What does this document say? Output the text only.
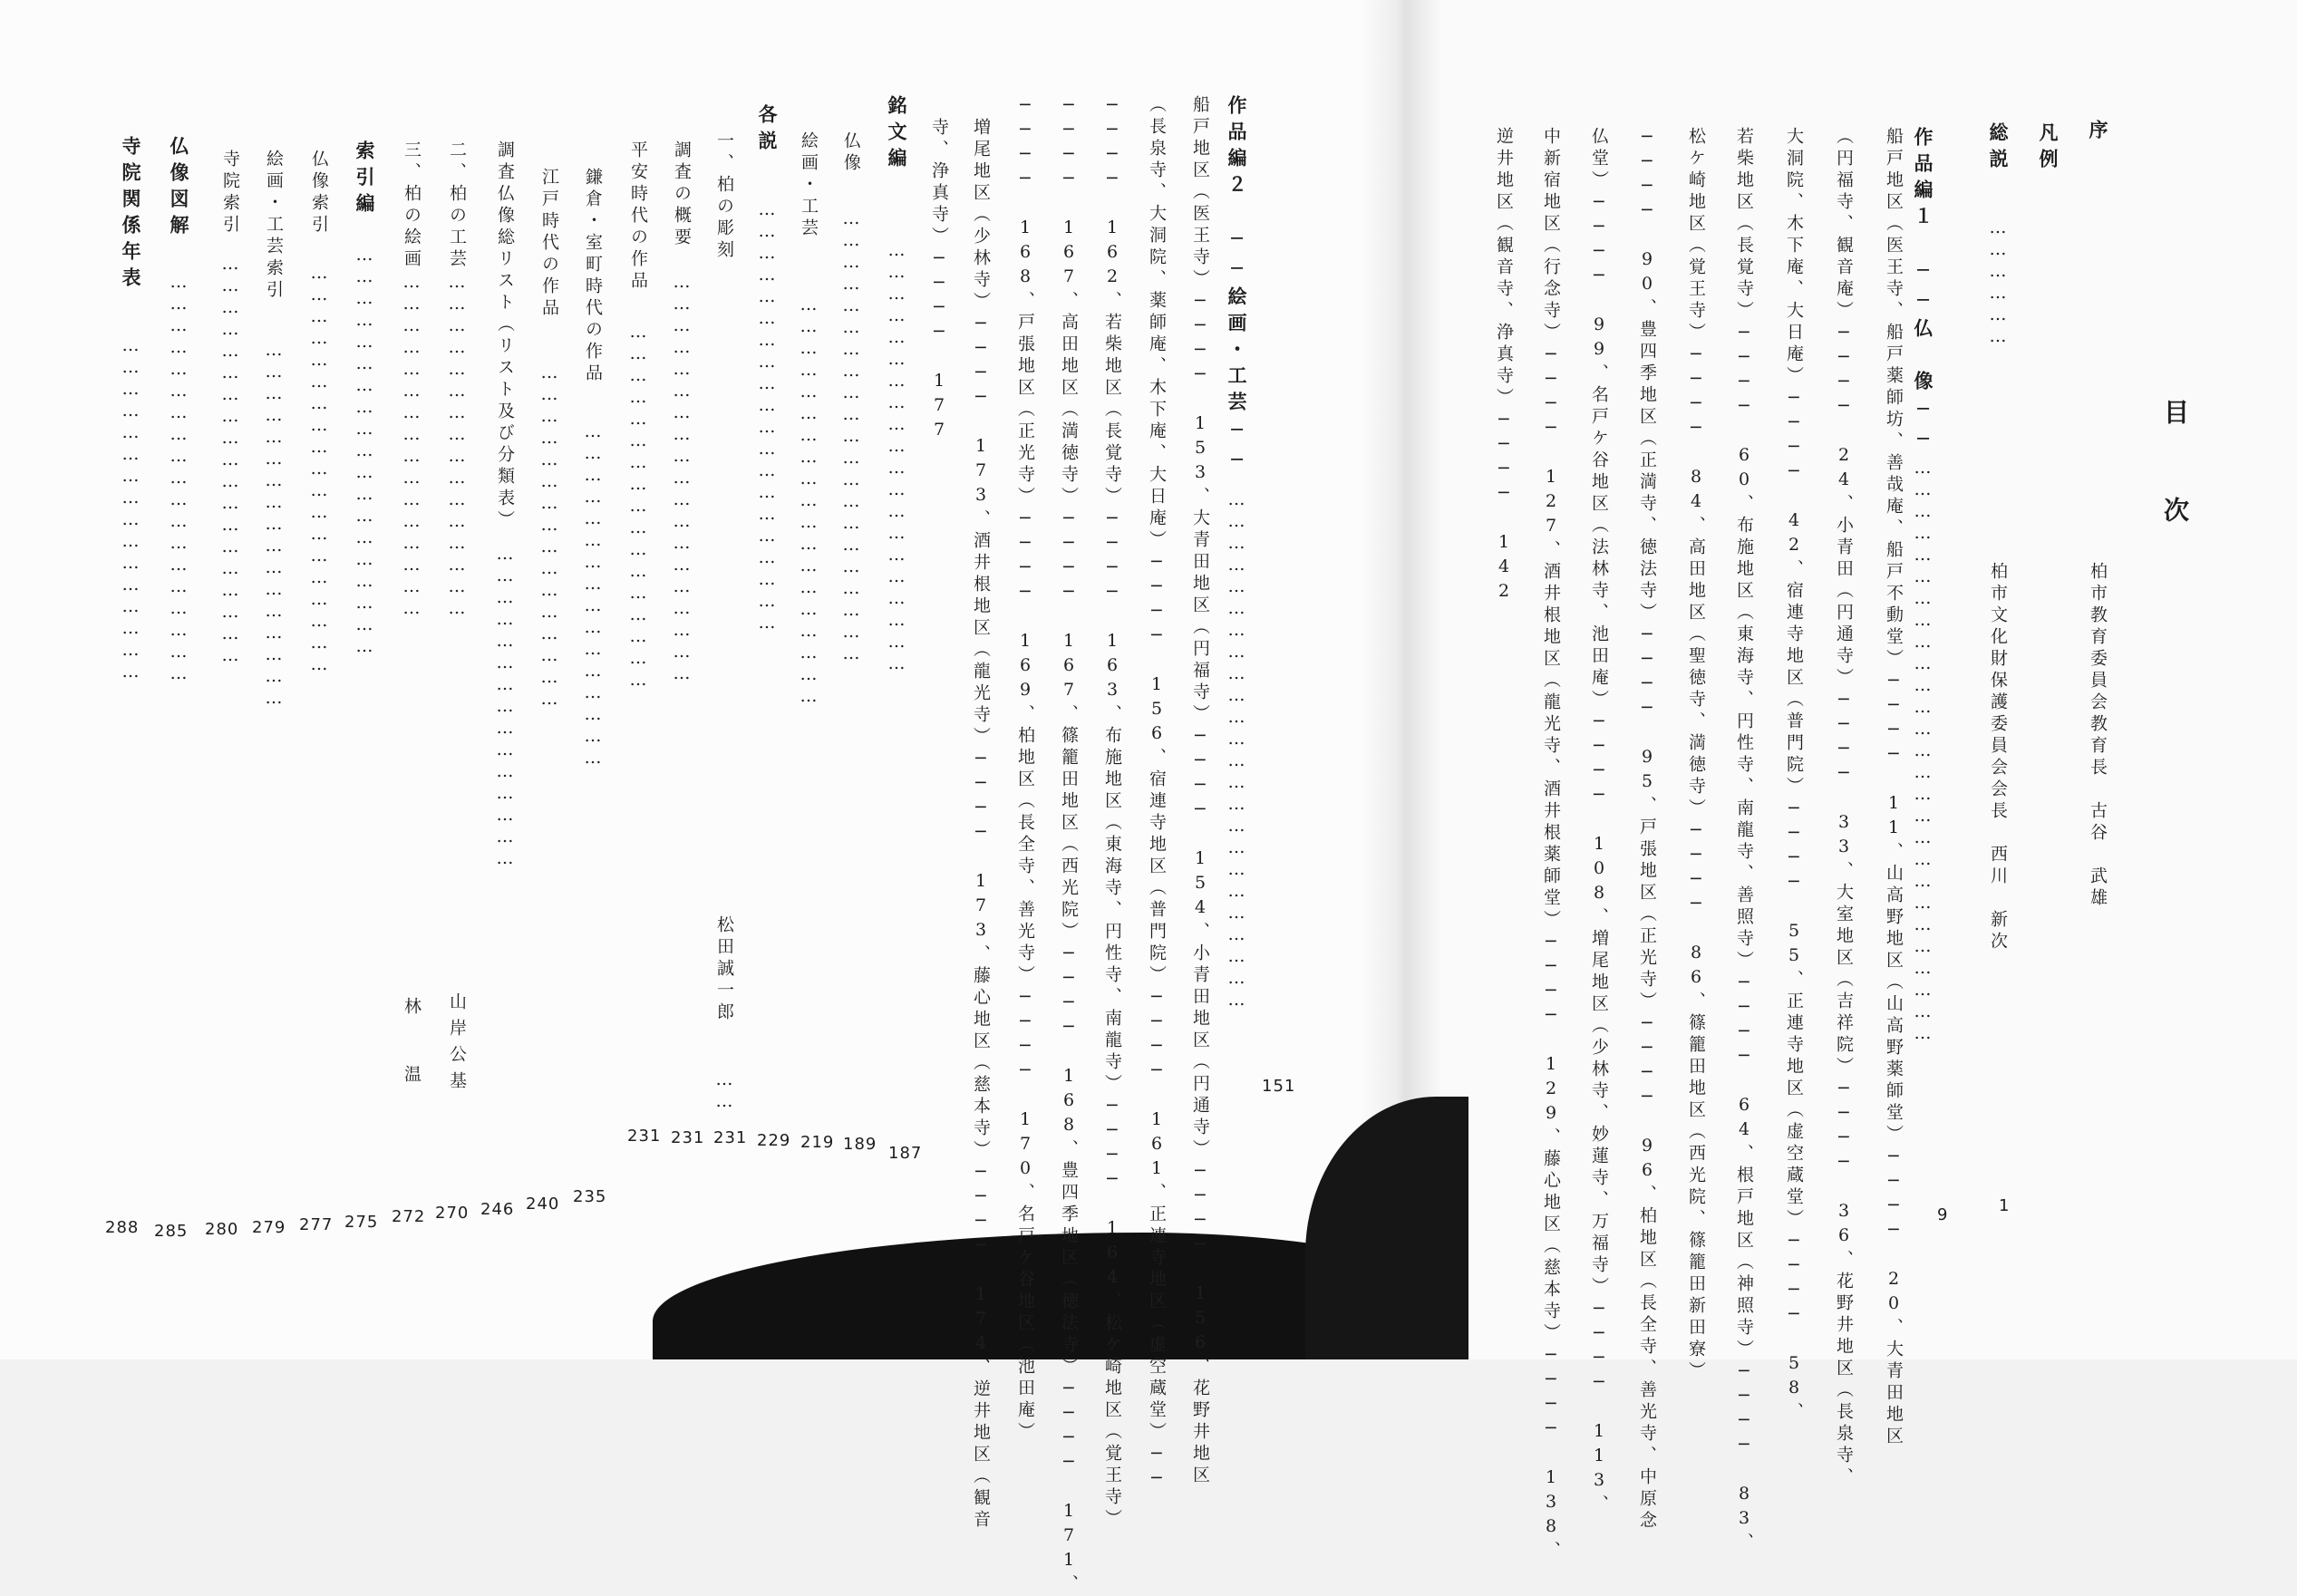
目次
序
柏市教育委員会教育長　古谷　武雄
凡例
総説
………………
柏市文化財保護委員会会長　西川　新次
1
作品編１　──仏　像──
………………………………………………………………………
9
船戸地区（医王寺、船戸薬師坊、善哉庵、船戸不動堂）──── 11、山高野地区（山高野薬師堂）──── 20、大青田地区
（円福寺、観音庵）──── 24、小青田（円通寺）──── 33、大室地区（吉祥院）──── 36、花野井地区（長泉寺、
大洞院、木下庵、大日庵）──── 42、宿連寺地区（普門院）──── 55、正連寺地区（虚空蔵堂）──── 58、
若柴地区（長覚寺）──── 60、布施地区（東海寺、円性寺、南龍寺、善照寺）──── 64、根戸地区（神照寺）──── 83、
松ケ崎地区（覚王寺）──── 84、高田地区（聖徳寺、満徳寺）──── 86、篠籠田地区（西光院、篠籠田新田寮）
──── 90、豊四季地区（正満寺、徳法寺）──── 95、戸張地区（正光寺）──── 96、柏地区（長全寺、善光寺、中原念
仏堂）──── 99、名戸ケ谷地区（法林寺、池田庵）──── 108、増尾地区（少林寺、妙蓮寺、万福寺）──── 113、
中新宿地区（行念寺）──── 127、酒井根地区（龍光寺、酒井根薬師堂）──── 129、藤心地区（慈本寺）──── 138、
逆井地区（観音寺、浄真寺）──── 142
作品編２　──絵画・工芸──
………………………………………………………………
151
船戸地区（医王寺）──── 153、大青田地区（円福寺）──── 154、小青田地区（円通寺）──── 156、花野井地区
（長泉寺、大洞院、薬師庵、木下庵、大日庵）──── 156、宿連寺地区（普門院）──── 161、正連寺地区（虚空蔵堂）──
──── 162、若柴地区（長覚寺）──── 163、布施地区（東海寺、円性寺、南龍寺）──── 164、松ケ崎地区（覚王寺）
──── 167、高田地区（満徳寺）──── 167、篠籠田地区（西光院）──── 168、豊四季地区（徳法寺）──── 171、
──── 168、戸張地区（正光寺）──── 169、柏地区（長全寺、善光寺）──── 170、名戸ケ谷地区（池田庵）
増尾地区（少林寺）──── 173、酒井根地区（龍光寺）──── 173、藤心地区（慈本寺）──── 174、逆井地区（観音
寺、浄真寺）──── 177
銘文編
……………………………………………………
187
仏像
………………………………………………………
189
絵画・工芸
…………………………………………………
219
各説
……………………………………………………
229
一、柏の彫刻
松田誠一郎
……
231
調査の概要
…………………………………………………
231
平安時代の作品
……………………………………………
231
鎌倉・室町時代の作品
…………………………………………
235
江戸時代の作品
…………………………………………
240
調査仏像総リスト（リスト及び分類表）
………………………………………
246
二、柏の工芸
…………………………………………
山岸公基
270
三、柏の絵画
…………………………………………
林　　温
272
索引編
…………………………………………………
275
仏像索引
…………………………………………………
277
絵画・工芸索引
……………………………………………
279
寺院索引
…………………………………………………
280
仏像図解
…………………………………………………
285
寺院関係年表
…………………………………………
288
